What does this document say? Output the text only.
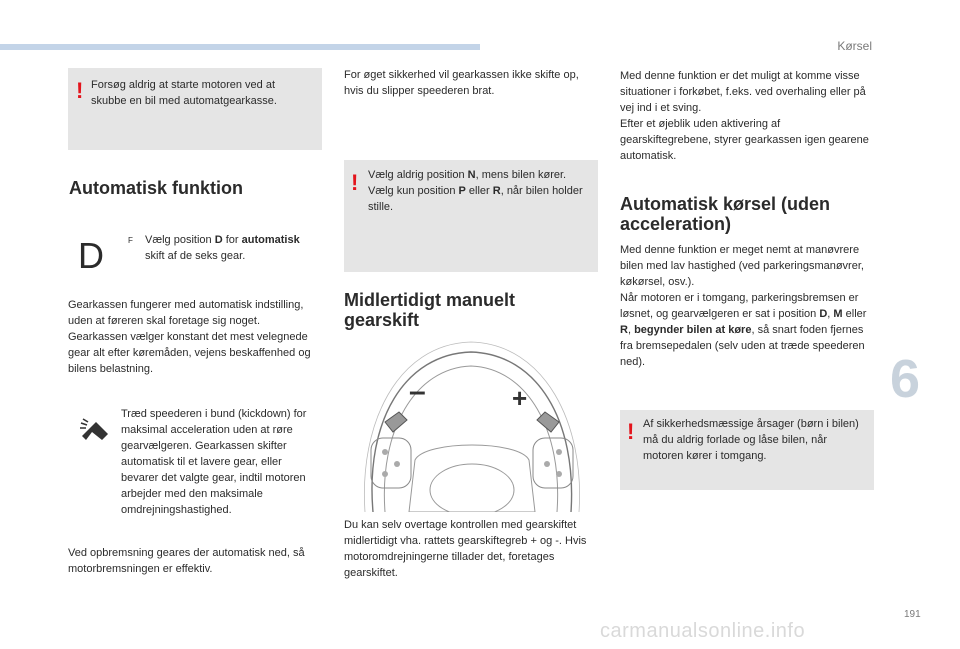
Kørsel
6
191
carmanualsonline.info
! Forsøg aldrig at starte motoren ved at skubbe en bil med automatgearkasse.
Automatisk funktion
D	F Vælg position D for automatisk skift af de seks gear.
Gearkassen fungerer med automatisk indstilling, uden at føreren skal foretage sig noget. Gearkassen vælger konstant det mest velegnede gear alt efter køremåden, vejens beskaffenhed og bilens belastning.
Træd speederen i bund (kickdown) for maksimal acceleration uden at røre gearvælgeren. Gearkassen skifter automatisk til et lavere gear, eller bevarer det valgte gear, indtil motoren arbejder med den maksimale omdrejningshastighed.
Ved opbremsning geares der automatisk ned, så motorbremsningen er effektiv.
For øget sikkerhed vil gearkassen ikke skifte op, hvis du slipper speederen brat.
! Vælg aldrig position N, mens bilen kører. Vælg kun position P eller R, når bilen holder stille.
Midlertidigt manuelt gearskift
–	+
Du kan selv overtage kontrollen med gearskiftet midlertidigt vha. rattets gearskiftegreb + og -. Hvis motoromdrejningerne tillader det, foretages gearskiftet.
Med denne funktion er det muligt at komme visse situationer i forkøbet, f.eks. ved overhaling eller på vej ind i et sving.
Efter et øjeblik uden aktivering af gearskiftegrebene, styrer gearkassen igen gearene automatisk.
Automatisk kørsel (uden acceleration)
Med denne funktion er meget nemt at manøvrere bilen med lav hastighed (ved parkeringsmanøvrer, køkørsel, osv.).
Når motoren er i tomgang, parkeringsbremsen er løsnet, og gearvælgeren er sat i position D, M eller R, begynder bilen at køre, så snart foden fjernes fra bremsepedalen (selv uden at træde speederen ned).
! Af sikkerhedsmæssige årsager (børn i bilen) må du aldrig forlade og låse bilen, når motoren kører i tomgang.
